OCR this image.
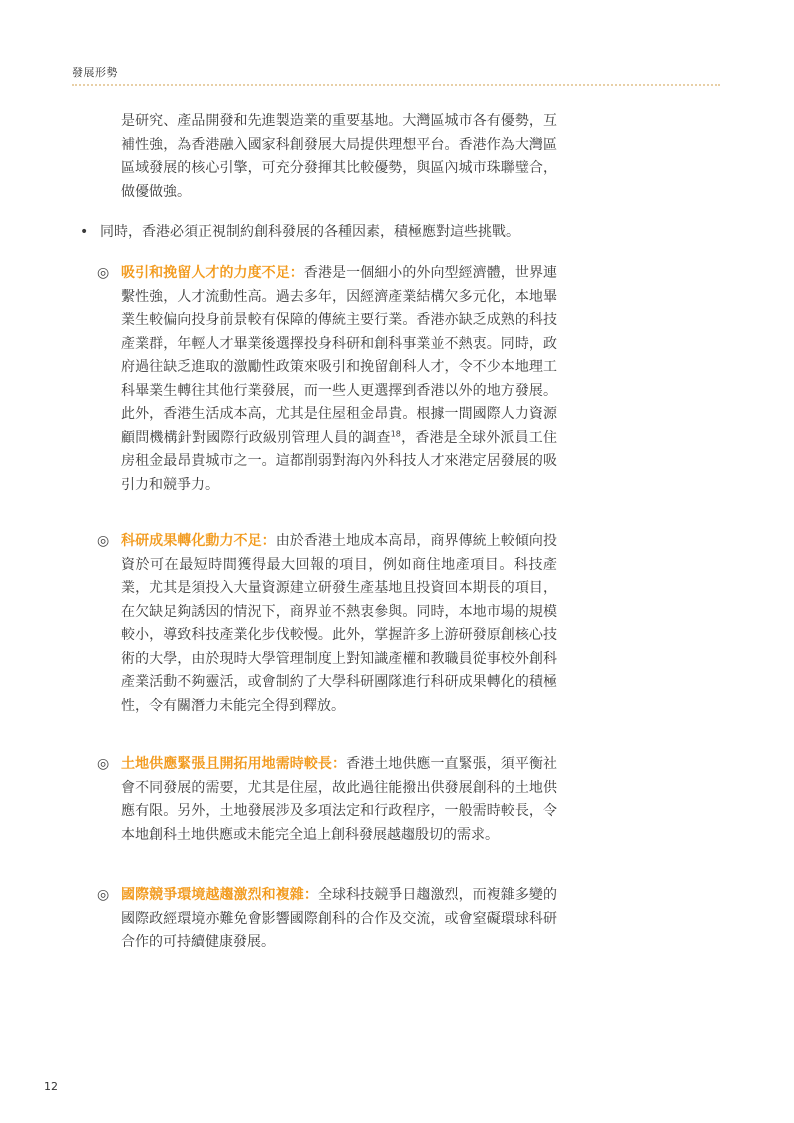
發展形勢

是研究、產品開發和先進製造業的重要基地。大灣區城市各有優勢，互補性強，為香港融入國家科創發展大局提供理想平台。香港作為大灣區區域發展的核心引擎，可充分發揮其比較優勢，與區內城市珠聯璧合，做優做強。

• 同時，香港必須正視制約創科發展的各種因素，積極應對這些挑戰。
◎ 吸引和挽留人才的力度不足：香港是一個細小的外向型經濟體，世界連繫性強，人才流動性高。過去多年，因經濟產業結構欠多元化，本地畢業生較偏向投身前景較有保障的傳統主要行業。香港亦缺乏成熟的科技產業群，年輕人才畢業後選擇投身科研和創科事業並不熱衷。同時，政府過往缺乏進取的激勵性政策來吸引和挽留創科人才，令不少本地理工科畢業生轉往其他行業發展，而一些人更選擇到香港以外的地方發展。此外，香港生活成本高，尤其是住屋租金昂貴。根據一間國際人力資源顧問機構針對國際行政級別管理人員的調查$^{18}$，香港是全球外派員工住房租金最昂貴城市之一。這都削弱對海內外科技人才來港定居發展的吸引力和競爭力。
◎ 科研成果轉化動力不足：由於香港土地成本高昂，商界傳統上較傾向投資於可在最短時間獲得最大回報的項目，例如商住地產項目。科技產業，尤其是須投入大量資源建立研發生產基地且投資回本期長的項目，在欠缺足夠誘因的情況下，商界並不熱衷參與。同時，本地市場的規模較小，導致科技產業化步伐較慢。此外，掌握許多上游研發原創核心技術的大學，由於現時大學管理制度上對知識產權和教職員從事校外創科產業活動不夠靈活，或會制約了大學科研團隊進行科研成果轉化的積極性，令有關潛力未能完全得到釋放。
◎ 土地供應緊張且開拓用地需時較長：香港土地供應一直緊張，須平衡社會不同發展的需要，尤其是住屋，故此過往能撥出供發展創科的土地供應有限。另外，土地發展涉及多項法定和行政程序，一般需時較長，令本地創科土地供應或未能完全追上創科發展越趨殷切的需求。
◎ 國際競爭環境越趨激烈和複雜：全球科技競爭日趨激烈，而複雜多變的國際政經環境亦難免會影響國際創科的合作及交流，或會窒礙環球科研合作的可持續健康發展。
12
